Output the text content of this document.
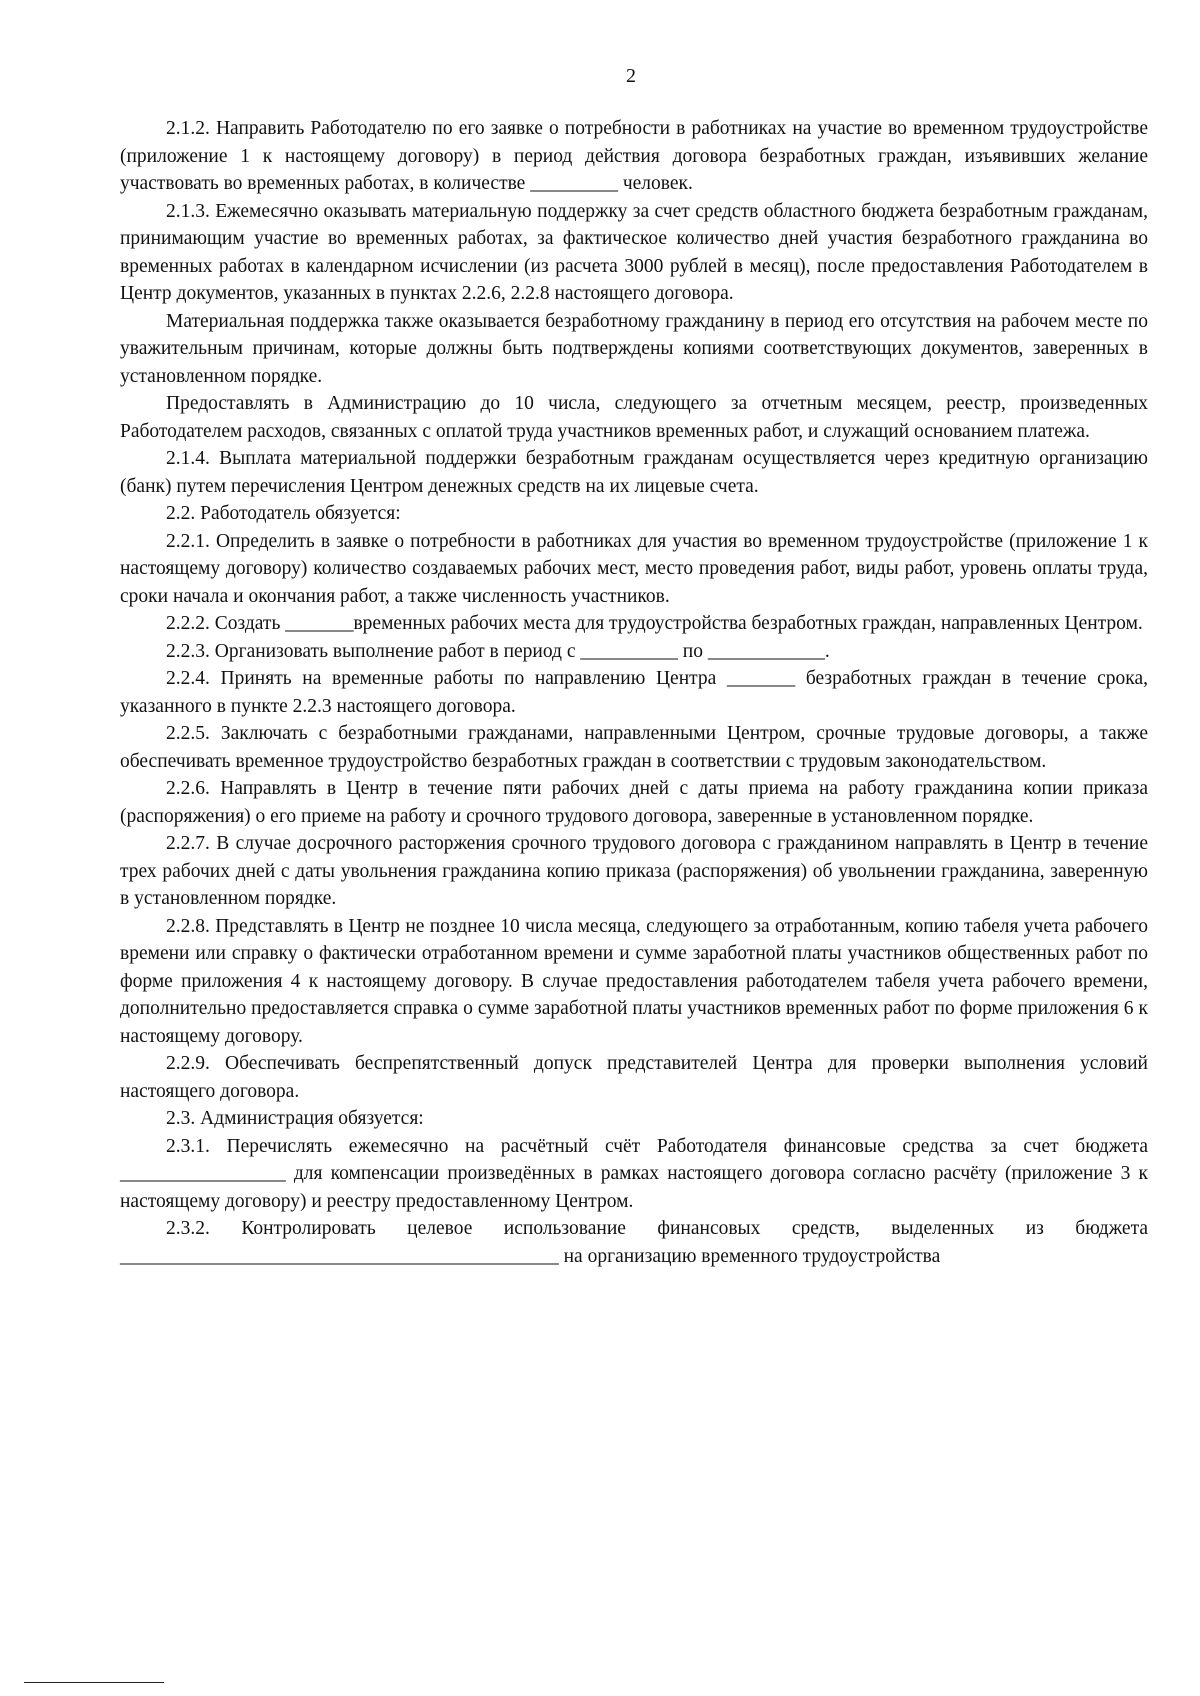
2

2.1.2. Направить Работодателю по его заявке о потребности в работниках на участие во временном трудоустройстве (приложение 1 к настоящему договору) в период действия договора безработных граждан, изъявивших желание участвовать во временных работах, в количестве _________ человек.

2.1.3. Ежемесячно оказывать материальную поддержку за счет средств областного бюджета безработным гражданам, принимающим участие во временных работах, за фактическое количество дней участия безработного гражданина во временных работах в календарном исчислении (из расчета 3000 рублей в месяц), после предоставления Работодателем в Центр документов, указанных в пунктах 2.2.6, 2.2.8 настоящего договора.

Материальная поддержка также оказывается безработному гражданину в период его отсутствия на рабочем месте по уважительным причинам, которые должны быть подтверждены копиями соответствующих документов, заверенных в установленном порядке.

Предоставлять в Администрацию до 10 числа, следующего за отчетным месяцем, реестр, произведенных Работодателем расходов, связанных с оплатой труда участников временных работ, и служащий основанием платежа.

2.1.4. Выплата материальной поддержки безработным гражданам осуществляется через кредитную организацию (банк) путем перечисления Центром денежных средств на их лицевые счета.

2.2. Работодатель обязуется:

2.2.1. Определить в заявке о потребности в работниках для участия во временном трудоустройстве (приложение 1 к настоящему договору) количество создаваемых рабочих мест, место проведения работ, виды работ, уровень оплаты труда, сроки начала и окончания работ, а также численность участников.

2.2.2. Создать _______временных рабочих места для трудоустройства безработных граждан, направленных Центром.

2.2.3. Организовать выполнение работ в период с __________ по ____________.

2.2.4. Принять на временные работы по направлению Центра _______ безработных граждан в течение срока, указанного в пункте 2.2.3 настоящего договора.

2.2.5. Заключать с безработными гражданами, направленными Центром, срочные трудовые договоры, а также обеспечивать временное трудоустройство безработных граждан в соответствии с трудовым законодательством.

2.2.6. Направлять в Центр в течение пяти рабочих дней с даты приема на работу гражданина копии приказа (распоряжения) о его приеме на работу и срочного трудового договора, заверенные в установленном порядке.

2.2.7. В случае досрочного расторжения срочного трудового договора с гражданином направлять в Центр в течение трех рабочих дней с даты увольнения гражданина копию приказа (распоряжения) об увольнении гражданина, заверенную в установленном порядке.

2.2.8. Представлять в Центр не позднее 10 числа месяца, следующего за отработанным, копию табеля учета рабочего времени или справку о фактически отработанном времени и сумме заработной платы участников общественных работ по форме приложения 4 к настоящему договору. В случае предоставления работодателем табеля учета рабочего времени, дополнительно предоставляется справка о сумме заработной платы участников временных работ по форме приложения 6 к настоящему договору.

2.2.9. Обеспечивать беспрепятственный допуск представителей Центра для проверки выполнения условий настоящего договора.

2.3. Администрация обязуется:

2.3.1. Перечислять ежемесячно на расчётный счёт Работодателя финансовые средства за счет бюджета _________________ для компенсации произведённых в рамках настоящего договора согласно расчёту (приложение 3 к настоящему договору) и реестру предоставленному Центром.

2.3.2. Контролировать целевое использование финансовых средств, выделенных из бюджета _____________________________________________ на организацию временного трудоустройства
